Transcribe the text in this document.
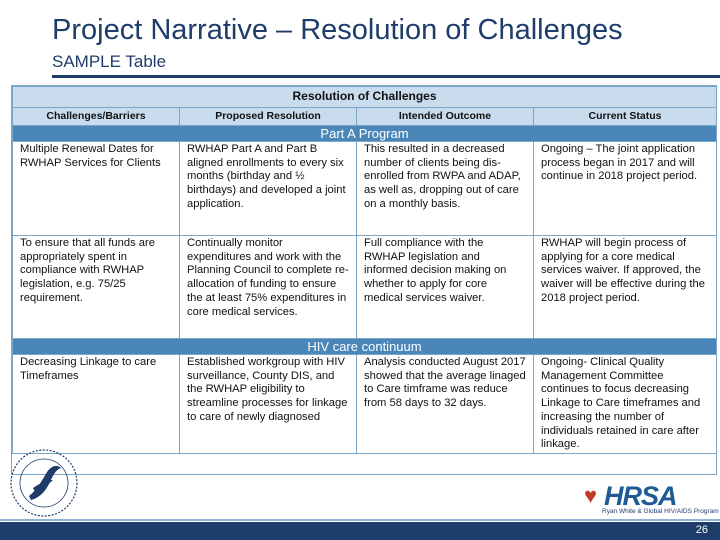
Project Narrative – Resolution of Challenges
SAMPLE Table
Resolution of Challenges			
Challenges/Barriers	Proposed Resolution	Intended Outcome	Current Status
Part A Program			
Multiple Renewal Dates for RWHAP Services for Clients	RWHAP Part A and Part B aligned enrollments to every six months (birthday and ½ birthdays) and developed a joint application.	This resulted in a decreased number of clients being dis-enrolled from RWPA and ADAP, as well as, dropping out of care on a monthly basis.	Ongoing – The joint application process began in 2017 and will continue in 2018 project period.
To ensure that all funds are appropriately spent in compliance with RWHAP legislation, e.g. 75/25 requirement.	Continually monitor expenditures and work with the Planning Council to complete re-allocation of funding to ensure the at least 75% expenditures in core medical services.	Full compliance with the RWHAP legislation and informed decision making on whether to apply for core medical services waiver.	RWHAP will begin process of applying for a core medical services waiver. If approved, the waiver will be effective during the 2018 project period.
HIV care continuum			
Decreasing Linkage to care Timeframes	Established workgroup with HIV surveillance, County DIS, and the RWHAP eligibility to streamline processes for linkage to care of newly diagnosed	Analysis conducted August 2017 showed that the average linaged to Care timframe was reduce from 58 days to 32 days.	Ongoing- Clinical Quality Management Committee continues to focus decreasing Linkage to Care timeframes and increasing the number of individuals retained in care after linkage.
♥ HRSA
Ryan White & Global HIV/AIDS Program
26
